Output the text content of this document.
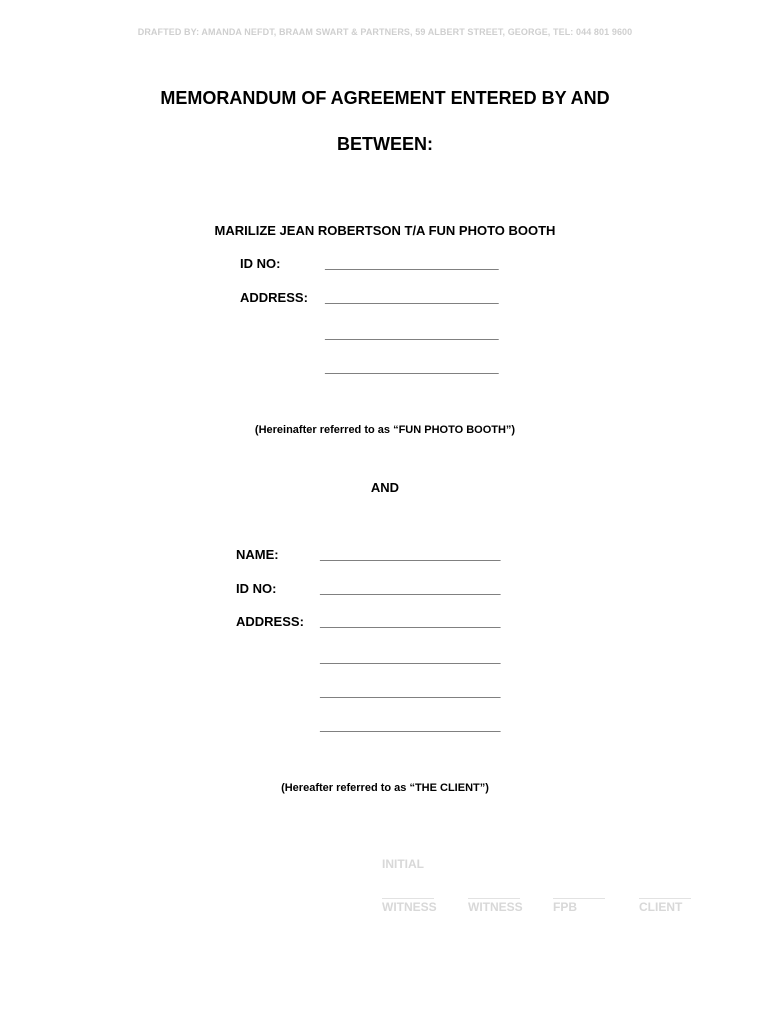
DRAFTED BY: AMANDA NEFDT, BRAAM SWART & PARTNERS, 59 ALBERT STREET, GEORGE, TEL: 044 801 9600
MEMORANDUM OF AGREEMENT ENTERED BY AND
BETWEEN:
MARILIZE JEAN ROBERTSON T/A FUN PHOTO BOOTH
ID NO:	_________________________
ADDRESS: _________________________
_________________________
_________________________
(Hereinafter referred to as “FUN PHOTO BOOTH”)
AND
NAME:	__________________________
ID NO:	__________________________
ADDRESS: __________________________
__________________________
__________________________
__________________________
(Hereafter referred to as “THE CLIENT”)
INITIAL
WITNESS	WITNESS	FPB	CLIENT
